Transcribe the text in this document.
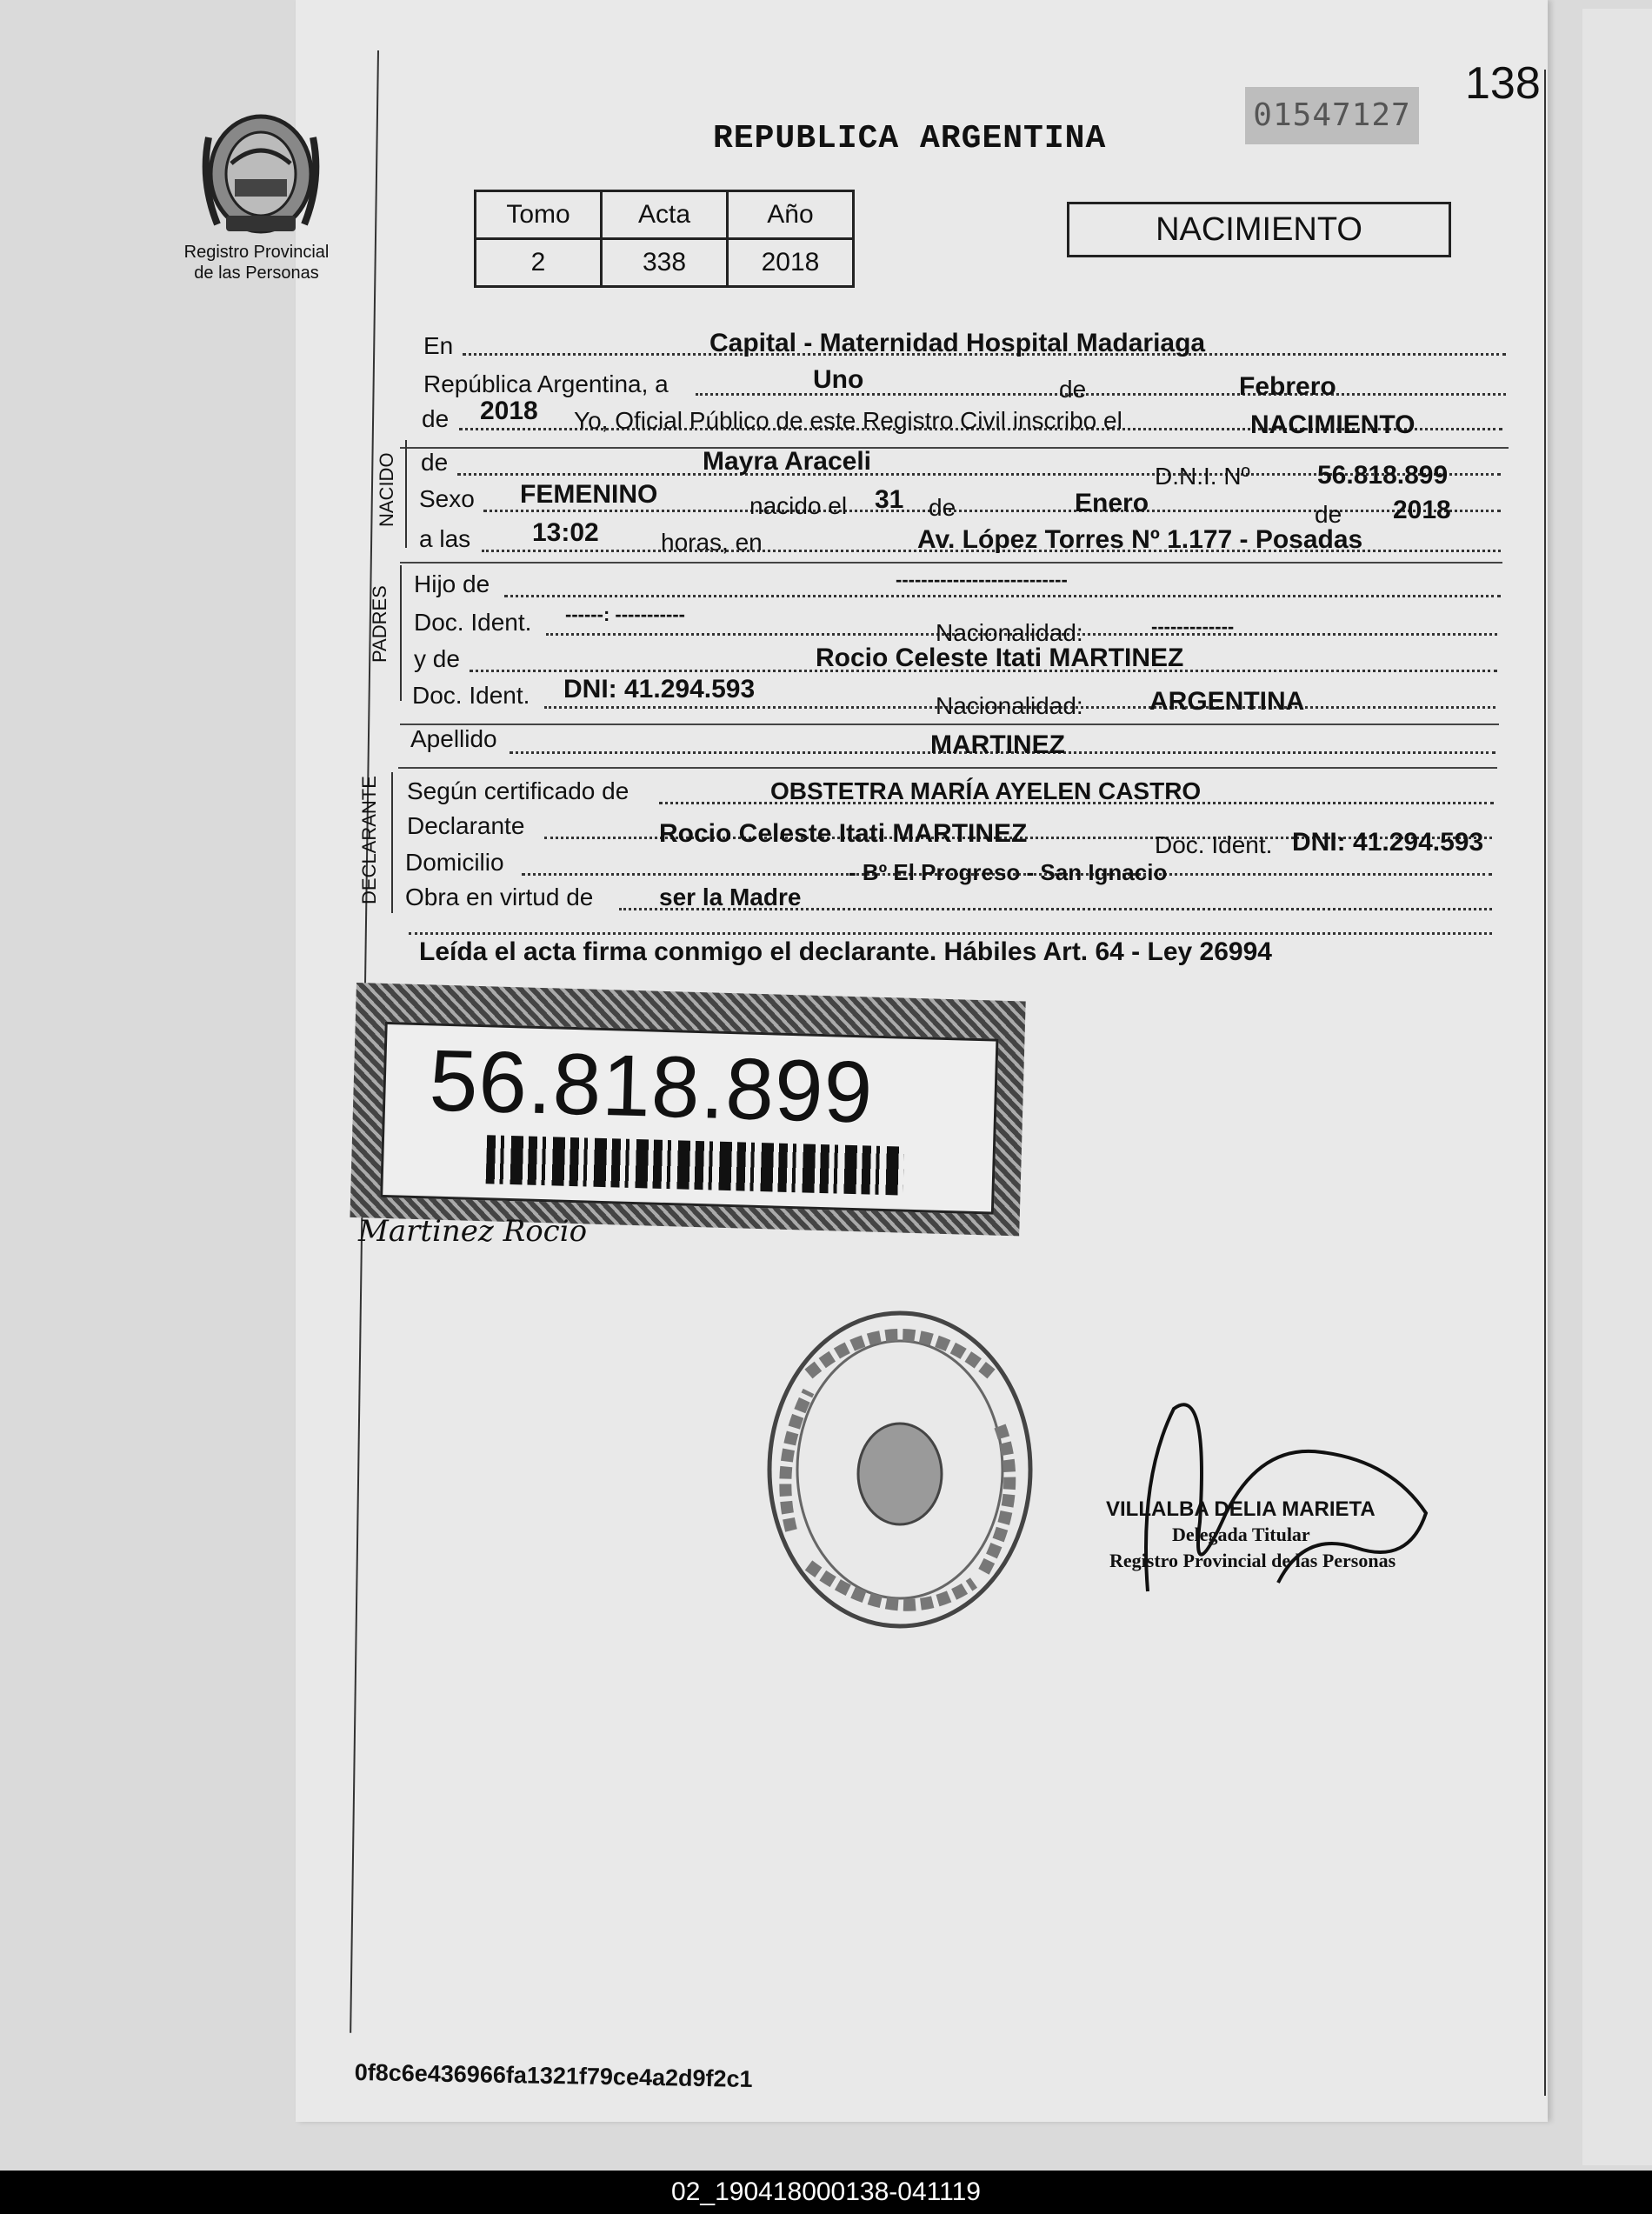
138
01547127
Registro Provincial
de las Personas
REPUBLICA ARGENTINA
Tomo	Acta	Año
2	338	2018
NACIMIENTO
En	Capital - Maternidad Hospital Madariaga
República Argentina, a	Uno	de	Febrero
de 2018 Yo, Oficial Público de este Registro Civil inscribo el	NACIMIENTO
NACIDO de	Mayra Araceli
D.N.I. Nº	56.818.899
Sexo FEMENINO	nacido el 31 de	Enero	de 2018
a las 13:02	horas, en	Av. López Torres Nº 1.177 - Posadas
PADRES
Hijo de	---------------------------
Doc. Ident. ------: -----------
Nacionalidad:	-------------
y de	Rocio Celeste Itati MARTINEZ
Doc. Ident. DNI: 41.294.593
Nacionalidad:	ARGENTINA
Apellido	MARTINEZ
DECLARANTE Según certificado de	OBSTETRA MARÍA AYELEN CASTRO
Declarante	Rocio Celeste Itati MARTINEZ	Doc. Ident. DNI: 41.294.593
Domicilio	- Bº El Progreso - San Ignacio
Obra en virtud de	ser la Madre
Leída el acta firma conmigo el declarante. Hábiles Art. 64 - Ley 26994
56.818.899
Martinez Rocio
VILLALBA DELIA MARIETA
Delegada Titular
Registro Provincial de las Personas
0f8c6e436966fa1321f79ce4a2d9f2c1
02_190418000138-041119
